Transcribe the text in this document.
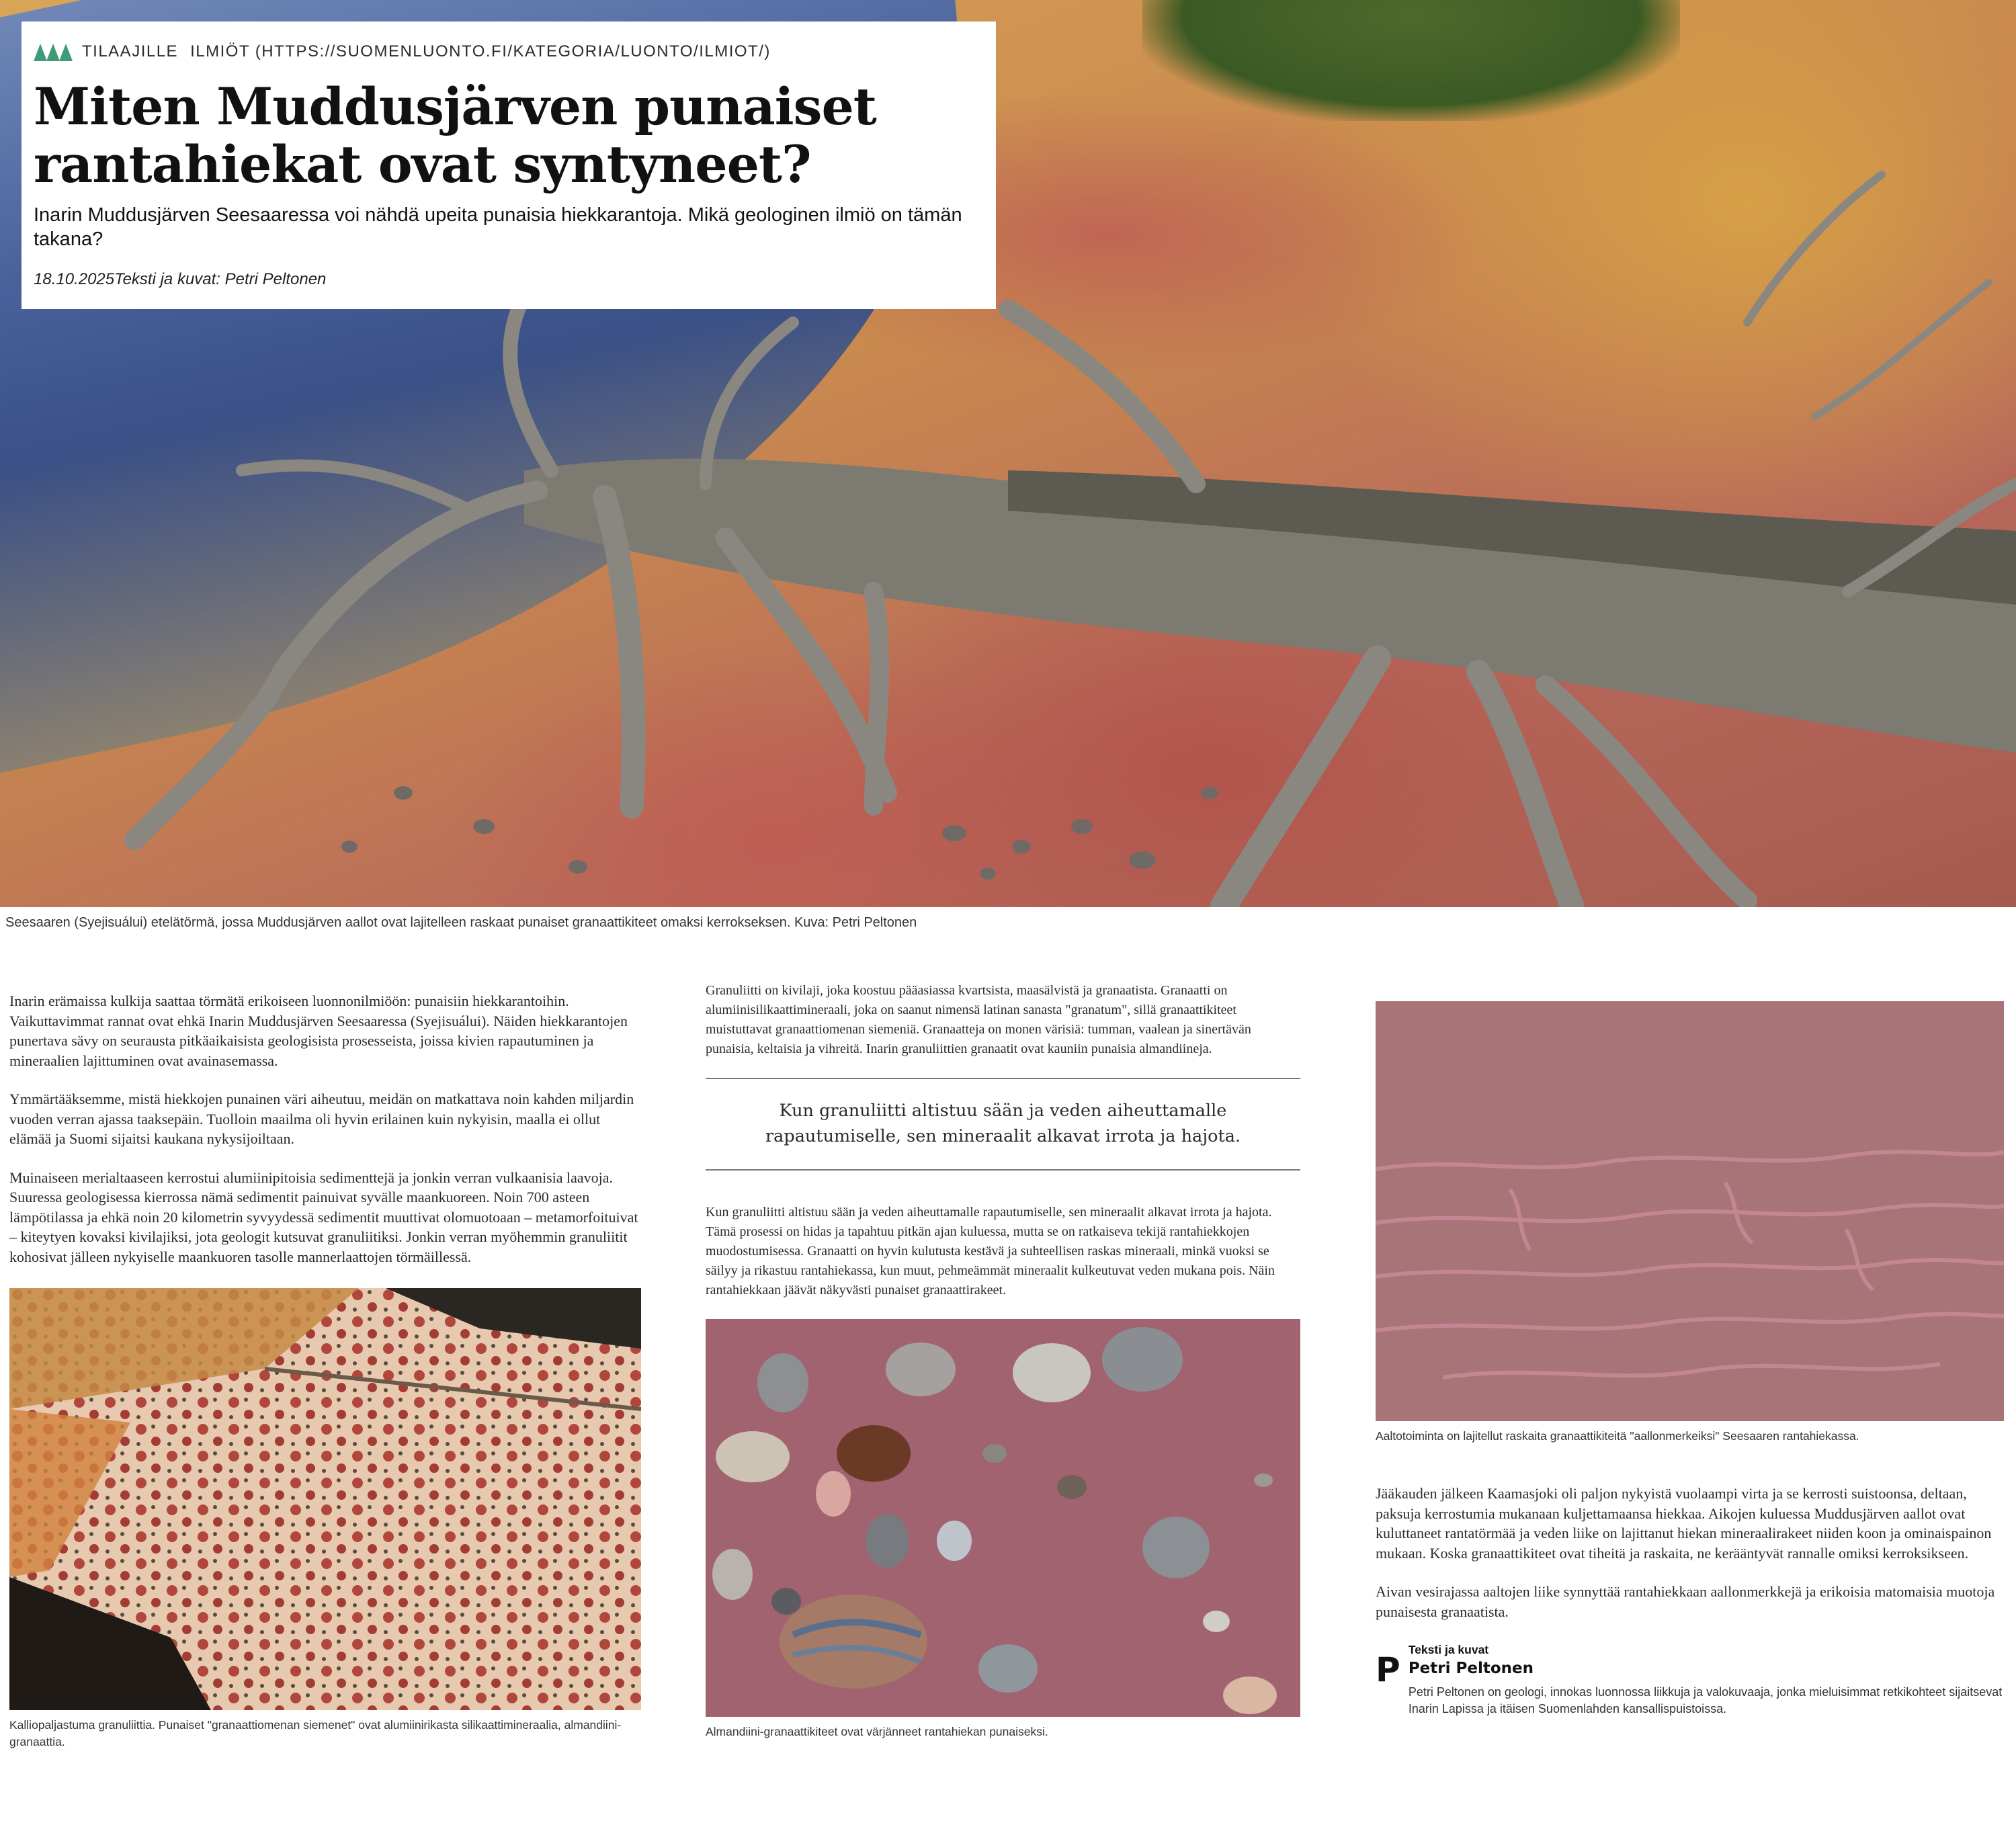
TILAAJILLE ILMIÖT (HTTPS://SUOMENLUONTO.FI/KATEGORIA/LUONTO/ILMIOT/)
Miten Muddusjärven punaiset
rantahiekat ovat syntyneet?

Inarin Muddusjärven Seesaaressa voi nähdä upeita punaisia hiekkarantoja. Mikä geologinen ilmiö on tämän takana?

18.10.2025Teksti ja kuvat: Petri Peltonen

Seesaaren (Syejisuálui) etelätörmä, jossa Muddusjärven aallot ovat lajitelleen raskaat punaiset granaattikiteet omaksi kerrokseksen. Kuva: Petri Peltonen

Inarin erämaissa kulkija saattaa törmätä erikoiseen luonnonilmiöön: punaisiin hiekkarantoihin. Vaikuttavimmat rannat ovat ehkä Inarin Muddusjärven Seesaaressa (Syejisuálui). Näiden hiekkarantojen punertava sävy on seurausta pitkäaikaisista geologisista prosesseista, joissa kivien rapautuminen ja mineraalien lajittuminen ovat avainasemassa.

Ymmärtääksemme, mistä hiekkojen punainen väri aiheutuu, meidän on matkattava noin kahden miljardin vuoden verran ajassa taaksepäin. Tuolloin maailma oli hyvin erilainen kuin nykyisin, maalla ei ollut elämää ja Suomi sijaitsi kaukana nykysijoiltaan.

Muinaiseen merialtaaseen kerrostui alumiinipitoisia sedimenttejä ja jonkin verran vulkaanisia laavoja. Suuressa geologisessa kierrossa nämä sedimentit painuivat syvälle maankuoreen. Noin 700 asteen lämpötilassa ja ehkä noin 20 kilometrin syvyydessä sedimentit muuttivat olomuotoaan – metamorfoituivat – kiteytyen kovaksi kivilajiksi, jota geologit kutsuvat granuliitiksi. Jonkin verran myöhemmin granuliitit kohosivat jälleen nykyiselle maankuoren tasolle mannerlaattojen törmäillessä.

Kalliopaljastuma granuliittia. Punaiset "granaattiomenan siemenet" ovat alumiinirikasta silikaattimineraalia, almandiini-granaattia.

Granuliitti on kivilaji, joka koostuu pääasiassa kvartsista, maasälvistä ja granaatista. Granaatti on alumiinisilikaattimineraali, joka on saanut nimensä latinan sanasta "granatum", sillä granaattikiteet muistuttavat granaattiomenan siemeniä. Granaatteja on monen värisiä: tumman, vaalean ja sinertävän punaisia, keltaisia ja vihreitä. Inarin granuliittien granaatit ovat kauniin punaisia almandiineja.

Kun granuliitti altistuu sään ja veden aiheuttamalle rapautumiselle, sen mineraalit alkavat irrota ja hajota.

Kun granuliitti altistuu sään ja veden aiheuttamalle rapautumiselle, sen mineraalit alkavat irrota ja hajota. Tämä prosessi on hidas ja tapahtuu pitkän ajan kuluessa, mutta se on ratkaiseva tekijä rantahiekkojen muodostumisessa. Granaatti on hyvin kulutusta kestävä ja suhteellisen raskas mineraali, minkä vuoksi se säilyy ja rikastuu rantahiekassa, kun muut, pehmeämmät mineraalit kulkeutuvat veden mukana pois. Näin rantahiekkaan jäävät näkyvästi punaiset granaattirakeet.

Almandiini-granaattikiteet ovat värjänneet rantahiekan punaiseksi.

Aaltotoiminta on lajitellut raskaita granaattikiteitä "aallonmerkeiksi" Seesaaren rantahiekassa.

Jääkauden jälkeen Kaamasjoki oli paljon nykyistä vuolaampi virta ja se kerrosti suistoonsa, deltaan, paksuja kerrostumia mukanaan kuljettamaansa hiekkaa. Aikojen kuluessa Muddusjärven aallot ovat kuluttaneet rantatörmää ja veden liike on lajittanut hiekan mineraalirakeet niiden koon ja ominaispainon mukaan. Koska granaattikiteet ovat tiheitä ja raskaita, ne kerääntyvät rannalle omiksi kerroksikseen.

Aivan vesirajassa aaltojen liike synnyttää rantahiekkaan aallonmerkkejä ja erikoisia matomaisia muotoja punaisesta granaatista.

P
Teksti ja kuvat
Petri Peltonen
Petri Peltonen on geologi, innokas luonnossa liikkuja ja valokuvaaja, jonka mieluisimmat retkikohteet sijaitsevat Inarin Lapissa ja itäisen Suomenlahden kansallispuistoissa.
